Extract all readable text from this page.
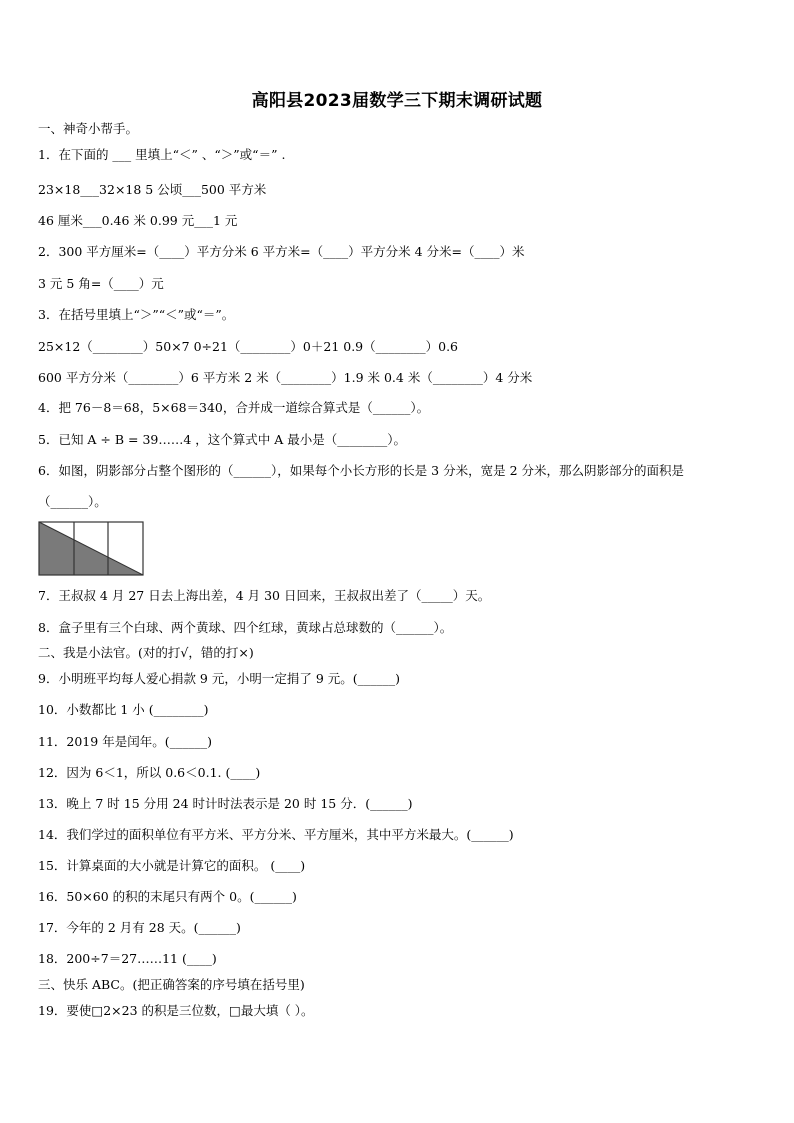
高阳县2023届数学三下期末调研试题
一、神奇小帮手。
1．在下面的 ___ 里填上“＜” 、“＞”或“＝” .
23×18___32×18 5 公顷___500 平方米
46 厘米___0.46 米 0.99 元___1 元
2．300 平方厘米=（____）平方分米 6 平方米=（____）平方分米 4 分米=（____）米
3 元 5 角=（____）元
3．在括号里填上“＞”“＜”或“＝”。
25×12（________）50×7 0÷21（________）0＋21 0.9（________）0.6
600 平方分米（________）6 平方米 2 米（________）1.9 米 0.4 米（________）4 分米
4．把 76－8＝68，5×68＝340，合并成一道综合算式是（______）。
5．已知 A ÷ B = 39……4 ，这个算式中 A 最小是（________）。
6．如图，阴影部分占整个图形的（______），如果每个小长方形的长是 3 分米，宽是 2 分米，那么阴影部分的面积是
（______）。
7．王叔叔 4 月 27 日去上海出差，4 月 30 日回来，王叔叔出差了（_____）天。
8．盒子里有三个白球、两个黄球、四个红球，黄球占总球数的（______）。
二、我是小法官。(对的打√，错的打×)
9．小明班平均每人爱心捐款 9 元，小明一定捐了 9 元。(______)
10．小数都比 1 小 (________)
11．2019 年是闰年。(______)
12．因为 6＜1，所以 0.6＜0.1. (____)
13．晚上 7 时 15 分用 24 时计时法表示是 20 时 15 分．(______)
14．我们学过的面积单位有平方米、平方分米、平方厘米，其中平方米最大。(______)
15．计算桌面的大小就是计算它的面积。 (____)
16．50×60 的积的末尾只有两个 0。(______)
17．今年的 2 月有 28 天。(______)
18．200÷7＝27……11 (____)
三、快乐 ABC。(把正确答案的序号填在括号里)
19．要使□2×23 的积是三位数，□最大填（ ）。
